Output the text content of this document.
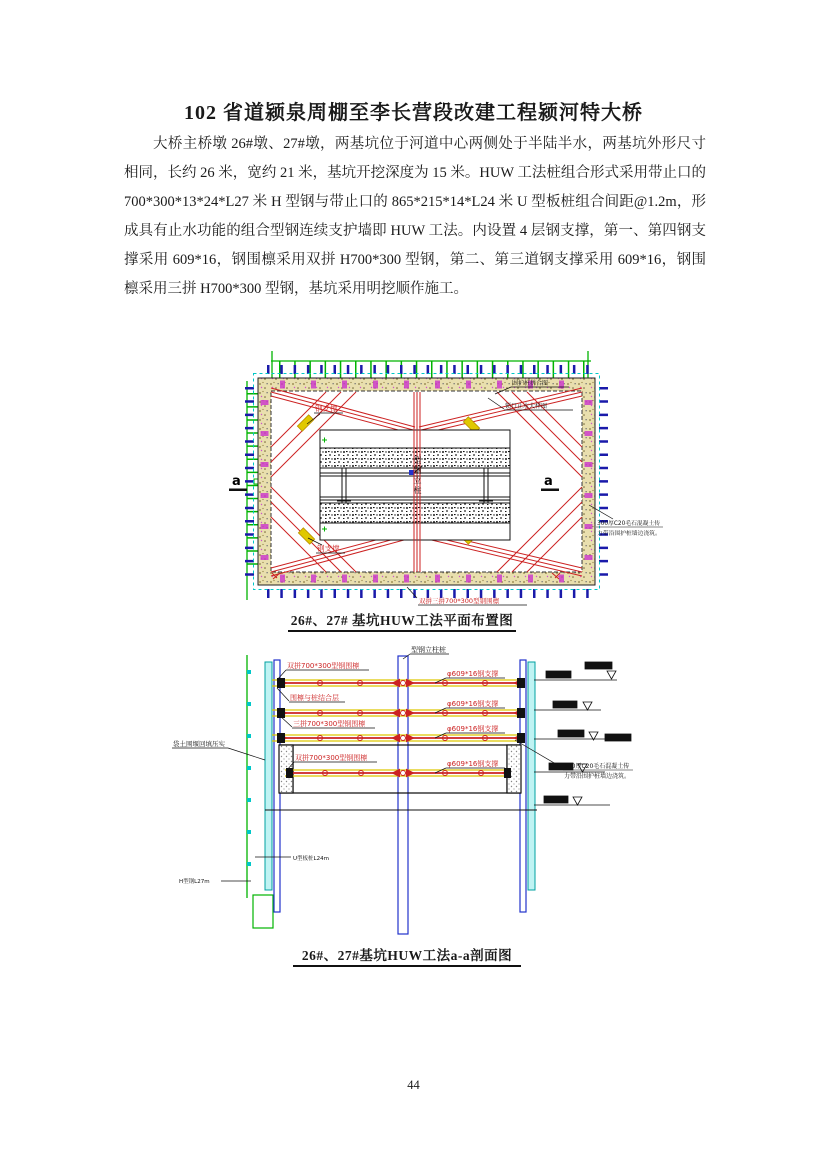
102 省道颍泉周棚至李长营段改建工程颍河特大桥
大桥主桥墩 26#墩、27#墩，两基坑位于河道中心两侧处于半陆半水，两基坑外形尺寸相同，长约 26 米，宽约 21 米，基坑开挖深度为 15 米。HUW 工法桩组合形式采用带止口的 700*300*13*24*L27 米 H 型钢与带止口的 865*215*14*L24 米 U 型板桩组合间距@1.2m，形成具有止水功能的组合型钢连续支护墙即 HUW 工法。内设置 4 层钢支撑，第一、第四钢支撑采用 609*16，钢围檩采用双拼 H700*300 型钢，第二、第三道钢支撑采用 609*16，钢围檩采用三拼 H700*300 型钢，基坑采用明挖顺作施工。
钢支撑
钢支撑
a	a
围护桩拼合图
锁口止水大样图
300厚C20毛石混凝土传
力带沿围护桩墙边浇筑。
双拼三拼700*300型钢围檩
型钢立柱
26#、27# 基坑HUW工法平面布置图
双拼700*300型钢围檩
围檩与桩结合层
三拼700*300型钢围檩
双拼700*300型钢围檩
φ609*16钢支撑
φ609*16钢支撑
φ609*16钢支撑
φ609*16钢支撑
型钢立柱桩
袋土围堰回填压实
300厚C20毛石混凝土传
力带沿围护桩墙边浇筑。
U型板桩L24m
H型钢L27m
26#、27#基坑HUW工法a-a剖面图
44
